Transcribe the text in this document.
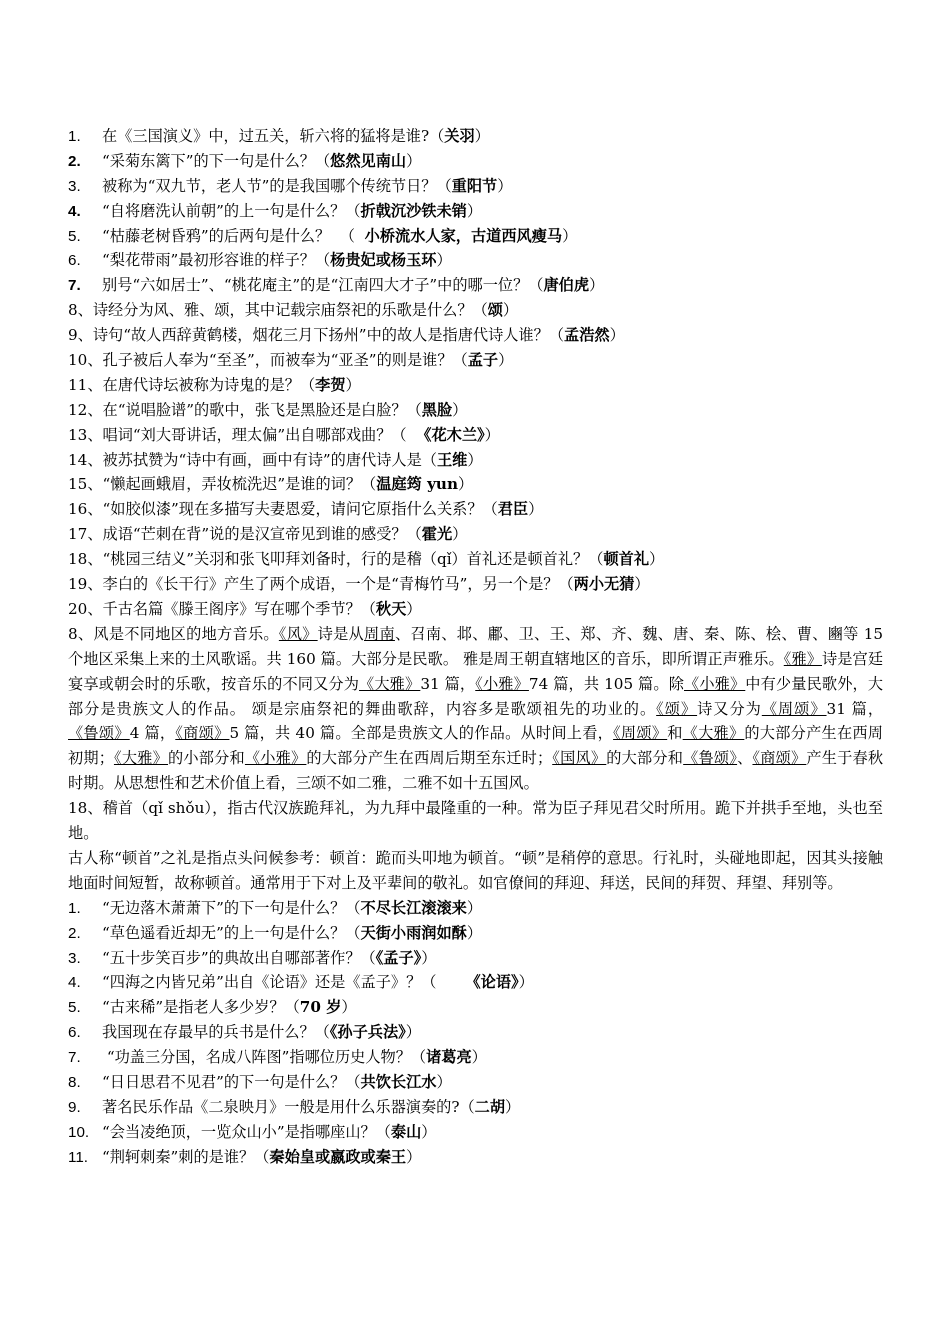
1. 在《三国演义》中，过五关，斩六将的猛将是谁?（关羽）
2. “采菊东篱下”的下一句是什么？（悠然见南山）
3. 被称为“双九节，老人节”的是我国哪个传统节日？（重阳节）
4. “自将磨洗认前朝”的上一句是什么？（折戟沉沙铁未销）
5. “枯藤老树昏鸦”的后两句是什么？  （  小桥流水人家，古道西风瘦马）
6. “梨花带雨”最初形容谁的样子？（杨贵妃或杨玉环）
7. 别号“六如居士”、“桃花庵主”的是“江南四大才子”中的哪一位？（唐伯虎）
8、诗经分为风、雅、颂，其中记载宗庙祭祀的乐歌是什么？（颂）
9、诗句“故人西辞黄鹤楼，烟花三月下扬州”中的故人是指唐代诗人谁？（孟浩然）
10、孔子被后人奉为“至圣”，而被奉为“亚圣”的则是谁？（孟子）
11、在唐代诗坛被称为诗鬼的是？（李贺）
12、在“说唱脸谱”的歌中，张飞是黑脸还是白脸？（黑脸）
13、唱词“刘大哥讲话，理太偏”出自哪部戏曲？（  《花木兰》）
14、被苏拭赞为“诗中有画，画中有诗”的唐代诗人是（王维）
15、“懒起画蛾眉，弄妆梳洗迟”是谁的词？（温庭筠 yun）
16、“如胶似漆”现在多描写夫妻恩爱，请问它原指什么关系？（君臣）
17、成语“芒刺在背”说的是汉宣帝见到谁的感受？（霍光）
18、“桃园三结义”关羽和张飞叩拜刘备时，行的是稽（qǐ）首礼还是顿首礼？（顿首礼）
19、李白的《长干行》产生了两个成语，一个是“青梅竹马”，另一个是？（两小无猜）
20、千古名篇《滕王阁序》写在哪个季节？（秋天）
8、风是不同地区的地方音乐。《风》诗是从周南、召南、邶、鄘、卫、王、郑、齐、魏、唐、秦、陈、桧、曹、豳等 15 个地区采集上来的土风歌谣。共 160 篇。大部分是民歌。 雅是周王朝直辖地区的音乐，即所谓正声雅乐。《雅》诗是宫廷宴享或朝会时的乐歌，按音乐的不同又分为《大雅》31 篇，《小雅》74 篇，共 105 篇。除《小雅》中有少量民歌外，大部分是贵族文人的作品。 颂是宗庙祭祀的舞曲歌辞，内容多是歌颂祖先的功业的。《颂》诗又分为《周颂》31 篇，《鲁颂》4 篇，《商颂》5 篇，共 40 篇。全部是贵族文人的作品。从时间上看，《周颂》和《大雅》的大部分产生在西周初期；《大雅》的小部分和《小雅》的大部分产生在西周后期至东迁时；《国风》的大部分和《鲁颂》、《商颂》产生于春秋时期。从思想性和艺术价值上看，三颂不如二雅，二雅不如十五国风。
18、稽首（qǐ shǒu），指古代汉族跪拜礼，为九拜中最隆重的一种。常为臣子拜见君父时所用。跪下并拱手至地，头也至地。
古人称“顿首”之礼是指点头问候参考：顿首：跪而头叩地为顿首。“顿”是稍停的意思。行礼时，头碰地即起，因其头接触地面时间短暂，故称顿首。通常用于下对上及平辈间的敬礼。如官僚间的拜迎、拜送，民间的拜贺、拜望、拜别等。
1. “无边落木萧萧下”的下一句是什么？（不尽长江滚滚来）
2. “草色遥看近却无”的上一句是什么？（天街小雨润如酥）
3. “五十步笑百步”的典故出自哪部著作？（《孟子》）
4. “四海之内皆兄弟”出自《论语》还是《孟子》？（      《论语》）
5. “古来稀”是指老人多少岁？（70 岁）
6. 我国现在存最早的兵书是什么？（《孙子兵法》）
7. “功盖三分国，名成八阵图”指哪位历史人物？（诸葛亮）
8. “日日思君不见君”的下一句是什么？（共饮长江水）
9. 著名民乐作品《二泉映月》一般是用什么乐器演奏的?（二胡）
10. “会当凌绝顶，一览众山小”是指哪座山？（泰山）
11. “荆轲刺秦”刺的是谁？（秦始皇或嬴政或秦王）
